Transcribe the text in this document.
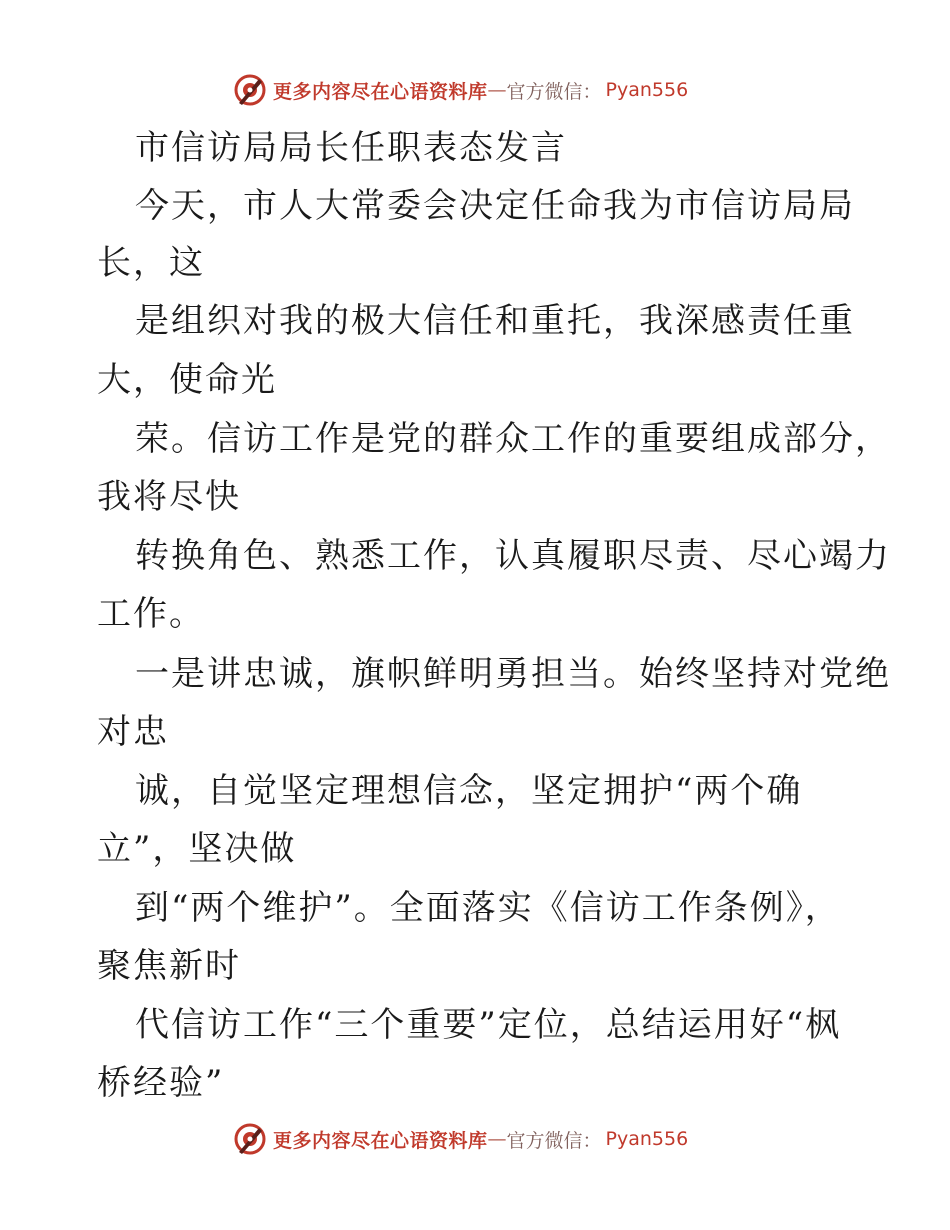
更多内容尽在心语资料库 — 官方微信： Pyan556
市信访局局长任职表态发言
今天，市人大常委会决定任命我为市信访局局
长，这
是组织对我的极大信任和重托，我深感责任重
大，使命光
荣。信访工作是党的群众工作的重要组成部分，
我将尽快
转换角色、熟悉工作，认真履职尽责、尽心竭力
工作。
一是讲忠诚，旗帜鲜明勇担当。始终坚持对党绝
对忠
诚，自觉坚定理想信念，坚定拥护“两个确
立”，坚决做
到“两个维护”。全面落实《信访工作条例》，
聚焦新时
代信访工作“三个重要”定位，总结运用好“枫
桥经验”
更多内容尽在心语资料库 — 官方微信： Pyan556
